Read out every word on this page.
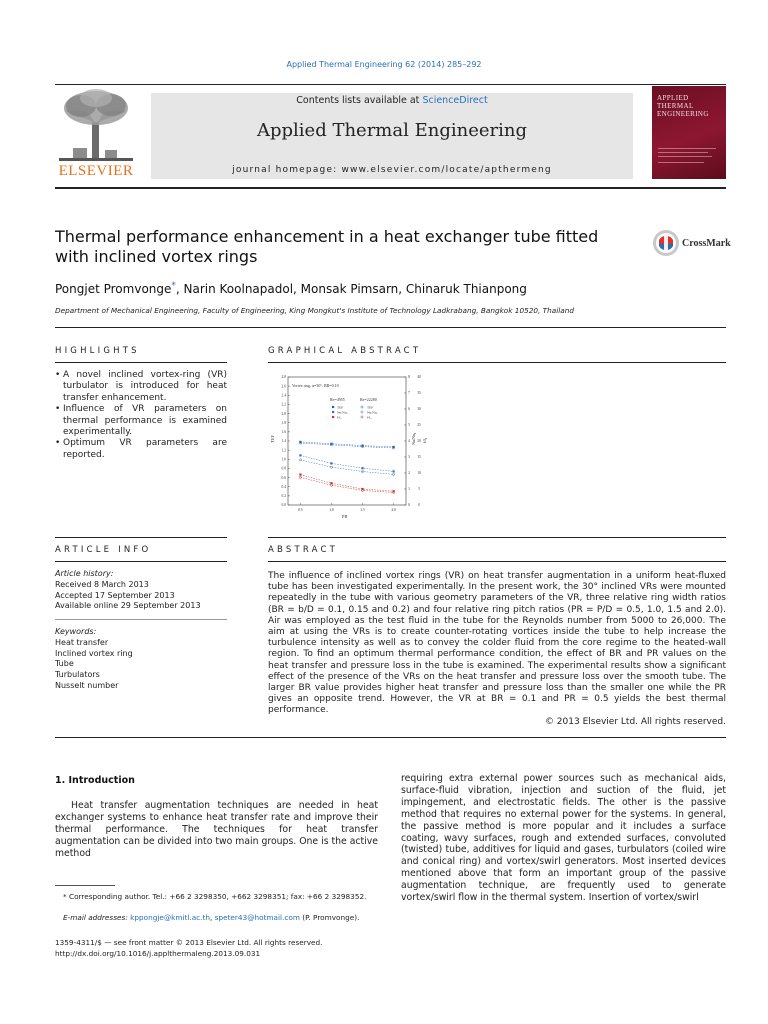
Applied Thermal Engineering 62 (2014) 285–292
ELSEVIER
Contents lists available at ScienceDirect
Applied Thermal Engineering
journal homepage: www.elsevier.com/locate/apthermeng
APPLIED THERMAL ENGINEERING
Thermal performance enhancement in a heat exchanger tube fitted with inclined vortex rings
CrossMark
Pongjet Promvonge*, Narin Koolnapadol, Monsak Pimsarn, Chinaruk Thianpong
Department of Mechanical Engineering, Faculty of Engineering, King Mongkut's Institute of Technology Ladkrabang, Bangkok 10520, Thailand
HIGHLIGHTS
• A novel inclined vortex-ring (VR) turbulator is introduced for heat transfer enhancement.
• Influence of VR parameters on thermal performance is examined experimentally.
• Optimum VR parameters are reported.
GRAPHICAL ABSTRACT
Vortex ring, α=30°, BR=0.10
Re=4955	Re=22280
TEF
Nu/Nu₀
f/f₀
TEF
Nu/Nu₀
f/f₀
0.0
0.2
0.4
0.6
0.8
1.0
1.2
1.4
1.6
1.8
2.0
2.2
2.4
2.6
2.8
0
1
2
3
4
5
6
7
8
0
5
10
15
20
25
30
35
40
0.5	1.0	1.5	2.0
TEF	Nu/Nu₀ f/f₀
PR
ARTICLE INFO
Article history:
Received 8 March 2013
Accepted 17 September 2013
Available online 29 September 2013
Keywords:
Heat transfer
Inclined vortex ring
Tube
Turbulators
Nusselt number
ABSTRACT
The influence of inclined vortex rings (VR) on heat transfer augmentation in a uniform heat-fluxed tube has been investigated experimentally. In the present work, the 30° inclined VRs were mounted repeatedly in the tube with various geometry parameters of the VR, three relative ring width ratios (BR = b/D = 0.1, 0.15 and 0.2) and four relative ring pitch ratios (PR = P/D = 0.5, 1.0, 1.5 and 2.0). Air was employed as the test fluid in the tube for the Reynolds number from 5000 to 26,000. The aim at using the VRs is to create counter-rotating vortices inside the tube to help increase the turbulence intensity as well as to convey the colder fluid from the core regime to the heated-wall region. To find an optimum thermal performance condition, the effect of BR and PR values on the heat transfer and pressure loss in the tube is examined. The experimental results show a significant effect of the presence of the VRs on the heat transfer and pressure loss over the smooth tube. The larger BR value provides higher heat transfer and pressure loss than the smaller one while the PR gives an opposite trend. However, the VR at BR = 0.1 and PR = 0.5 yields the best thermal performance.
© 2013 Elsevier Ltd. All rights reserved.
1. Introduction
Heat transfer augmentation techniques are needed in heat exchanger systems to enhance heat transfer rate and improve their thermal performance. The techniques for heat transfer augmentation can be divided into two main groups. One is the active method
requiring extra external power sources such as mechanical aids, surface-fluid vibration, injection and suction of the fluid, jet impingement, and electrostatic fields. The other is the passive method that requires no external power for the systems. In general, the passive method is more popular and it includes a surface coating, wavy surfaces, rough and extended surfaces, convoluted (twisted) tube, additives for liquid and gases, turbulators (coiled wire and conical ring) and vortex/swirl generators. Most inserted devices mentioned above that form an important group of the passive augmentation technique, are frequently used to generate vortex/swirl flow in the thermal system. Insertion of vortex/swirl
* Corresponding author. Tel.: +66 2 3298350, +662 3298351; fax: +66 2 3298352.
E-mail addresses: kppongje@kmitl.ac.th, speter43@hotmail.com (P. Promvonge).
1359-4311/$ — see front matter © 2013 Elsevier Ltd. All rights reserved.
http://dx.doi.org/10.1016/j.applthermaleng.2013.09.031
